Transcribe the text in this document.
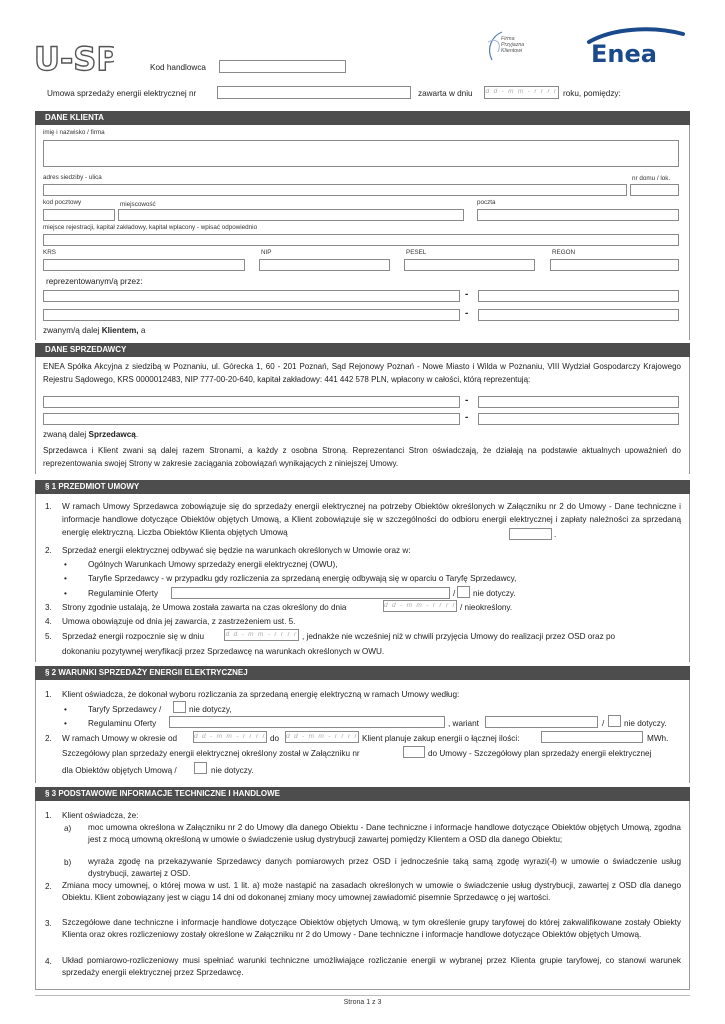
U-SP	Kod handlowca
Firma Przyjazna Klientowi	Enea
Umowa sprzedaży energii elektrycznej nr	zawarta w dniu d d - m m - r r r r roku, pomiędzy:
DANE KLIENTA
imię i nazwisko / firma
adres siedziby - ulica	nr domu / lok.
kod pocztowy	miejscowość	poczta
miejsce rejestracji, kapitał zakładowy, kapitał wpłacony - wpisać odpowiednio
KRS	NIP	PESEL	REGON
reprezentowanym/ą przez:
-
-
zwanym/ą dalej Klientem, a
DANE SPRZEDAWCY
ENEA Spółka Akcyjna z siedzibą w Poznaniu, ul. Górecka 1, 60 - 201 Poznań, Sąd Rejonowy Poznań - Nowe Miasto i Wilda w Poznaniu, VIII Wydział Gospodarczy Krajowego Rejestru Sądowego, KRS 0000012483, NIP 777-00-20-640, kapitał zakładowy: 441 442 578 PLN, wpłacony w całości, którą reprezentują:
-
-
zwaną dalej Sprzedawcą.
Sprzedawca i Klient zwani są dalej razem Stronami, a każdy z osobna Stroną. Reprezentanci Stron oświadczają, że działają na podstawie aktualnych upoważnień do reprezentowania swojej Strony w zakresie zaciągania zobowiązań wynikających z niniejszej Umowy.
§ 1 PRZEDMIOT UMOWY
1. W ramach Umowy Sprzedawca zobowiązuje się do sprzedaży energii elektrycznej na potrzeby Obiektów określonych w Załączniku nr 2 do Umowy - Dane techniczne i informacje handlowe dotyczące Obiektów objętych Umową, a Klient zobowiązuje się w szczególności do odbioru energii elektrycznej i zapłaty należności za sprzedaną energię elektryczną. Liczba Obiektów Klienta objętych Umową	.
2. Sprzedaż energii elektrycznej odbywać się będzie na warunkach określonych w Umowie oraz w:
•	Ogólnych Warunkach Umowy sprzedaży energii elektrycznej (OWU),
•	Taryfie Sprzedawcy - w przypadku gdy rozliczenia za sprzedaną energię odbywają się w oparciu o Taryfę Sprzedawcy,
•	Regulaminie Oferty	/ nie dotyczy.
3. Strony zgodnie ustalają, że Umowa została zawarta na czas określony do dnia	d d - m m - r r r r / nieokreślony.
4. Umowa obowiązuje od dnia jej zawarcia, z zastrzeżeniem ust. 5.
5. Sprzedaż energii rozpocznie się w dniu	d d - m m - r r r r , jednakże nie wcześniej niż w chwili przyjęcia Umowy do realizacji przez OSD oraz po
dokonaniu pozytywnej weryfikacji przez Sprzedawcę na warunkach określonych w OWU.
§ 2 WARUNKI SPRZEDAŻY ENERGII ELEKTRYCZNEJ
1. Klient oświadcza, że dokonał wyboru rozliczania za sprzedaną energię elektryczną w ramach Umowy według:
•	Taryfy Sprzedawcy /	nie dotyczy,
•	Regulaminu Oferty	, wariant	/ nie dotyczy.
2. W ramach Umowy w okresie od	d d - m m - r r r r do d d - m m - r r r r Klient planuje zakup energii o łącznej ilości:	MWh.
Szczegółowy plan sprzedaży energii elektrycznej określony został w Załączniku nr	do Umowy - Szczegółowy plan sprzedaży energii elektrycznej
dla Obiektów objętych Umową /	nie dotyczy.
§ 3 PODSTAWOWE INFORMACJE TECHNICZNE I HANDLOWE
1. Klient oświadcza, że:
a) moc umowna określona w Załączniku nr 2 do Umowy dla danego Obiektu - Dane techniczne i informacje handlowe dotyczące Obiektów objętych Umową, zgodna jest z mocą umowną określoną w umowie o świadczenie usług dystrybucji zawartej pomiędzy Klientem a OSD dla danego Obiektu;
b) wyraża zgodę na przekazywanie Sprzedawcy danych pomiarowych przez OSD i jednocześnie taką samą zgodę wyrazi(-ł) w umowie o świadczenie usług dystrybucji, zawartej z OSD.
2. Zmiana mocy umownej, o której mowa w ust. 1 lit. a) może nastąpić na zasadach określonych w umowie o świadczenie usług dystrybucji, zawartej z OSD dla danego Obiektu. Klient zobowiązany jest w ciągu 14 dni od dokonanej zmiany mocy umownej zawiadomić pisemnie Sprzedawcę o jej wartości.
3. Szczegółowe dane techniczne i informacje handlowe dotyczące Obiektów objętych Umową, w tym określenie grupy taryfowej do której zakwalifikowane zostały Obiekty Klienta oraz okres rozliczeniowy zostały określone w Załączniku nr 2 do Umowy - Dane techniczne i informacje handlowe dotyczące Obiektów objętych Umową.
4. Układ pomiarowo-rozliczeniowy musi spełniać warunki techniczne umożliwiające rozliczanie energii w wybranej przez Klienta grupie taryfowej, co stanowi warunek sprzedaży energii elektrycznej przez Sprzedawcę.
Strona 1 z 3
